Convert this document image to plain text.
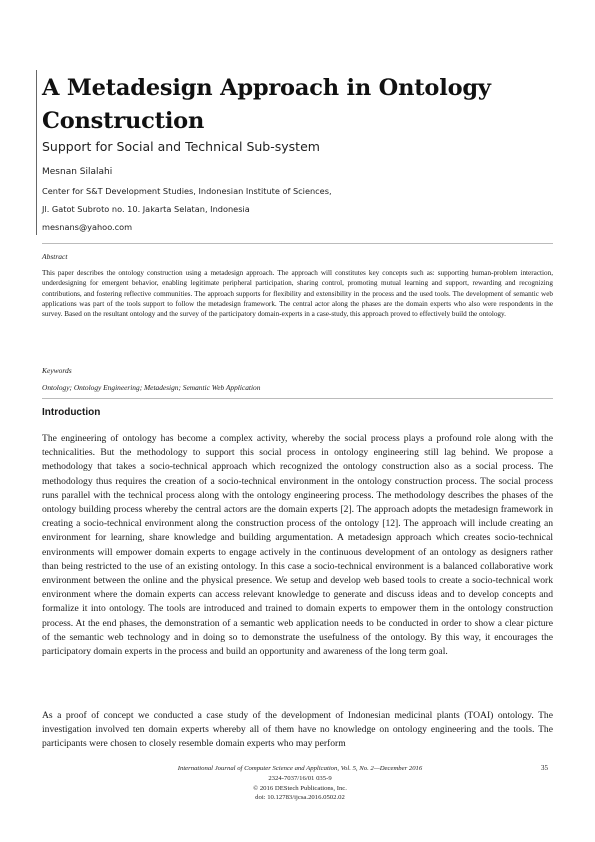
A Metadesign Approach in Ontology Construction
Support for Social and Technical Sub-system
Mesnan Silalahi
Center for S&T Development Studies, Indonesian Institute of Sciences,
Jl. Gatot Subroto no. 10. Jakarta Selatan, Indonesia
mesnans@yahoo.com
Abstract
This paper describes the ontology construction using a metadesign approach. The approach will constitutes key concepts such as: supporting human-problem interaction, underdesigning for emergent behavior, enabling legitimate peripheral participation, sharing control, promoting mutual learning and support, rewarding and recognizing contributions, and fostering reflective communities. The approach supports for flexibility and extensibility in the process and the used tools. The development of semantic web applications was part of the tools support to follow the metadesign framework. The central actor along the phases are the domain experts who also were respondents in the survey. Based on the resultant ontology and the survey of the participatory domain-experts in a case-study, this approach proved to effectively build the ontology.
Keywords
Ontology; Ontology Engineering; Metadesign; Semantic Web Application
Introduction
The engineering of ontology has become a complex activity, whereby the social process plays a profound role along with the technicalities. But the methodology to support this social process in ontology engineering still lag behind. We propose a methodology that takes a socio-technical approach which recognized the ontology construction also as a social process. The methodology thus requires the creation of a socio-technical environment in the ontology construction process. The social process runs parallel with the technical process along with the ontology engineering process. The methodology describes the phases of the ontology building process whereby the central actors are the domain experts [2]. The approach adopts the metadesign framework in creating a socio-technical environment along the construction process of the ontology [12]. The approach will include creating an environment for learning, share knowledge and building argumentation. A metadesign approach which creates socio-technical environments will empower domain experts to engage actively in the continuous development of an ontology as designers rather than being restricted to the use of an existing ontology. In this case a socio-technical environment is a balanced collaborative work environment between the online and the physical presence. We setup and develop web based tools to create a socio-technical work environment where the domain experts can access relevant knowledge to generate and discuss ideas and to develop concepts and formalize it into ontology. The tools are introduced and trained to domain experts to empower them in the ontology construction process. At the end phases, the demonstration of a semantic web application needs to be conducted in order to show a clear picture of the semantic web technology and in doing so to demonstrate the usefulness of the ontology. By this way, it encourages the participatory domain experts in the process and build an opportunity and awareness of the long term goal.
As a proof of concept we conducted a case study of the development of Indonesian medicinal plants (TOAI) ontology. The investigation involved ten domain experts whereby all of them have no knowledge on ontology engineering and the tools. The participants were chosen to closely resemble domain experts who may perform
International Journal of Computer Science and Application, Vol. 5, No. 2—December 2016
2324-7037/16/01 035-9
© 2016 DEStech Publications, Inc.
doi: 10.12783/ijcsa.2016.0502.02
35
